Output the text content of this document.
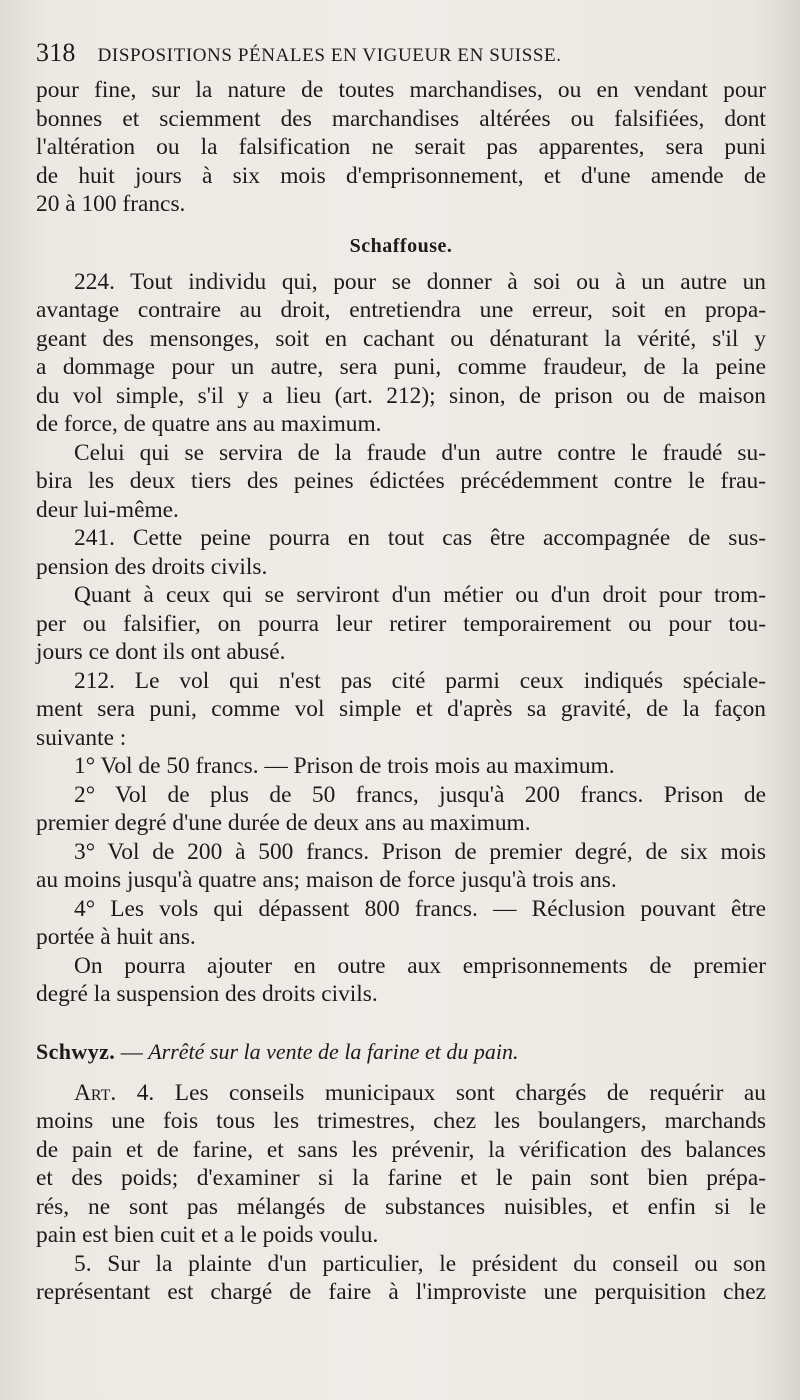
318 DISPOSITIONS PÉNALES EN VIGUEUR EN SUISSE.

pour fine, sur la nature de toutes marchandises, ou en vendant pour
bonnes et sciemment des marchandises altérées ou falsifiées, dont
l'altération ou la falsification ne serait pas apparentes, sera puni
de huit jours à six mois d'emprisonnement, et d'une amende de
20 à 100 francs.

Schaffouse.

224. Tout individu qui, pour se donner à soi ou à un autre un
avantage contraire au droit, entretiendra une erreur, soit en propa-
geant des mensonges, soit en cachant ou dénaturant la vérité, s'il y
a dommage pour un autre, sera puni, comme fraudeur, de la peine
du vol simple, s'il y a lieu (art. 212); sinon, de prison ou de maison
de force, de quatre ans au maximum.

Celui qui se servira de la fraude d'un autre contre le fraudé su-
bira les deux tiers des peines édictées précédemment contre le frau-
deur lui-même.

241. Cette peine pourra en tout cas être accompagnée de sus-
pension des droits civils.

Quant à ceux qui se serviront d'un métier ou d'un droit pour trom-
per ou falsifier, on pourra leur retirer temporairement ou pour tou-
jours ce dont ils ont abusé.

212. Le vol qui n'est pas cité parmi ceux indiqués spéciale-
ment sera puni, comme vol simple et d'après sa gravité, de la façon
suivante :

1° Vol de 50 francs. — Prison de trois mois au maximum.

2° Vol de plus de 50 francs, jusqu'à 200 francs. Prison de
premier degré d'une durée de deux ans au maximum.

3° Vol de 200 à 500 francs. Prison de premier degré, de six mois
au moins jusqu'à quatre ans; maison de force jusqu'à trois ans.

4° Les vols qui dépassent 800 francs. — Réclusion pouvant être
portée à huit ans.

On pourra ajouter en outre aux emprisonnements de premier
degré la suspension des droits civils.

Schwyz. — Arrêté sur la vente de la farine et du pain.

Art. 4. Les conseils municipaux sont chargés de requérir au
moins une fois tous les trimestres, chez les boulangers, marchands
de pain et de farine, et sans les prévenir, la vérification des balances
et des poids; d'examiner si la farine et le pain sont bien prépa-
rés, ne sont pas mélangés de substances nuisibles, et enfin si le
pain est bien cuit et a le poids voulu.

5. Sur la plainte d'un particulier, le président du conseil ou son
représentant est chargé de faire à l'improviste une perquisition chez
